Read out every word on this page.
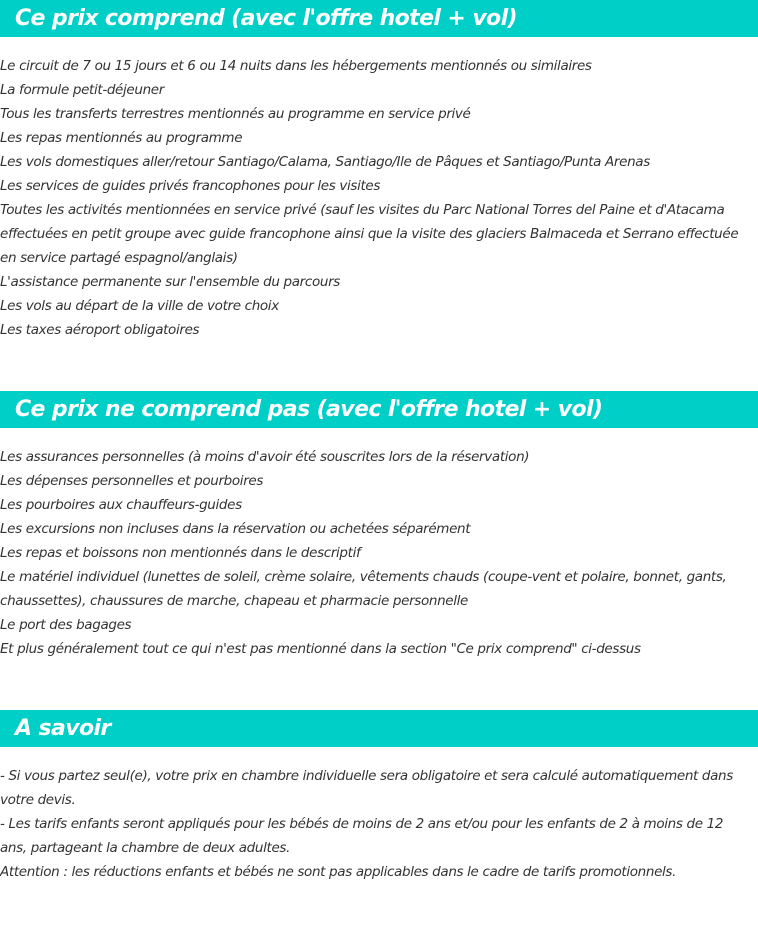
Ce prix comprend (avec l'offre hotel + vol)
Le circuit de 7 ou 15 jours et 6 ou 14 nuits dans les hébergements mentionnés ou similaires
La formule petit-déjeuner
Tous les transferts terrestres mentionnés au programme en service privé
Les repas mentionnés au programme
Les vols domestiques aller/retour Santiago/Calama, Santiago/Ile de Pâques et Santiago/Punta Arenas
Les services de guides privés francophones pour les visites
Toutes les activités mentionnées en service privé (sauf les visites du Parc National Torres del Paine et d'Atacama effectuées en petit groupe avec guide francophone ainsi que la visite des glaciers Balmaceda et Serrano effectuée en service partagé espagnol/anglais)
L'assistance permanente sur l'ensemble du parcours
Les vols au départ de la ville de votre choix
Les taxes aéroport obligatoires
Ce prix ne comprend pas (avec l'offre hotel + vol)
Les assurances personnelles (à moins d'avoir été souscrites lors de la réservation)
Les dépenses personnelles et pourboires
Les pourboires aux chauffeurs-guides
Les excursions non incluses dans la réservation ou achetées séparément
Les repas et boissons non mentionnés dans le descriptif
Le matériel individuel (lunettes de soleil, crème solaire, vêtements chauds (coupe-vent et polaire, bonnet, gants, chaussettes), chaussures de marche, chapeau et pharmacie personnelle
Le port des bagages
Et plus généralement tout ce qui n'est pas mentionné dans la section "Ce prix comprend" ci-dessus
A savoir
- Si vous partez seul(e), votre prix en chambre individuelle sera obligatoire et sera calculé automatiquement dans votre devis.
- Les tarifs enfants seront appliqués pour les bébés de moins de 2 ans et/ou pour les enfants de 2 à moins de 12 ans, partageant la chambre de deux adultes.
Attention : les réductions enfants et bébés ne sont pas applicables dans le cadre de tarifs promotionnels.
